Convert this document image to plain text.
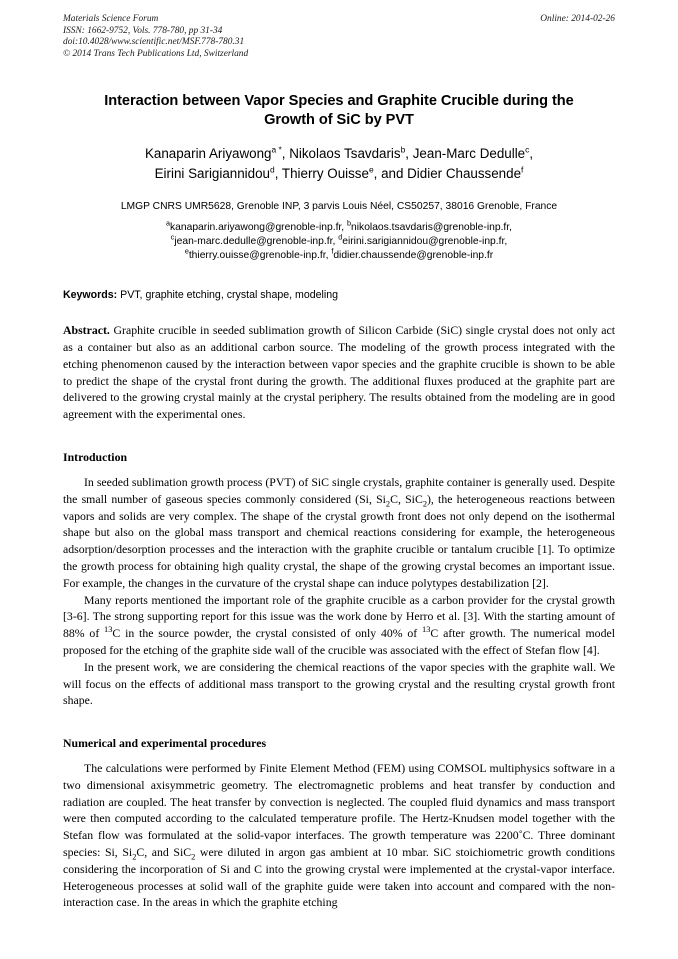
Online: 2014-02-26
Materials Science Forum
ISSN: 1662-9752, Vols. 778-780, pp 31-34
doi:10.4028/www.scientific.net/MSF.778-780.31
© 2014 Trans Tech Publications Ltd, Switzerland
Interaction between Vapor Species and Graphite Crucible during the
Growth of SiC by PVT
Kanaparin Ariyawong$^a$ *, Nikolaos Tsavdaris$^b$, Jean-Marc Dedulle$^c$,
Eirini Sarigiannidou$^d$, Thierry Ouisse$^e$, and Didier Chaussende$^f$
LMGP CNRS UMR5628, Grenoble INP, 3 parvis Louis Néel, CS50257, 38016 Grenoble, France
$^a$kanaparin.ariyawong@grenoble-inp.fr, $^b$nikolaos.tsavdaris@grenoble-inp.fr,
$^c$jean-marc.dedulle@grenoble-inp.fr, $^d$eirini.sarigiannidou@grenoble-inp.fr,
$^e$thierry.ouisse@grenoble-inp.fr, $^f$didier.chaussende@grenoble-inp.fr
Keywords: PVT, graphite etching, crystal shape, modeling

Abstract. Graphite crucible in seeded sublimation growth of Silicon Carbide (SiC) single crystal does not only act as a container but also as an additional carbon source. The modeling of the growth process integrated with the etching phenomenon caused by the interaction between vapor species and the graphite crucible is shown to be able to predict the shape of the crystal front during the growth. The additional fluxes produced at the graphite part are delivered to the growing crystal mainly at the crystal periphery. The results obtained from the modeling are in good agreement with the experimental ones.

Introduction

In seeded sublimation growth process (PVT) of SiC single crystals, graphite container is generally used. Despite the small number of gaseous species commonly considered (Si, $Si_2C$, SiC$_2$), the heterogeneous reactions between vapors and solids are very complex. The shape of the crystal growth front does not only depend on the isothermal shape but also on the global mass transport and chemical reactions considering for example, the heterogeneous adsorption/desorption processes and the interaction with the graphite crucible or tantalum crucible [1]. To optimize the growth process for obtaining high quality crystal, the shape of the growing crystal becomes an important issue. For example, the changes in the curvature of the crystal shape can induce polytypes destabilization [2].

Many reports mentioned the important role of the graphite crucible as a carbon provider for the crystal growth [3-6]. The strong supporting report for this issue was the work done by Herro et al. [3]. With the starting amount of 88% of $^{13}$C in the source powder, the crystal consisted of only 40% of $^{13}$C after growth. The numerical model proposed for the etching of the graphite side wall of the crucible was associated with the effect of Stefan flow [4].

In the present work, we are considering the chemical reactions of the vapor species with the graphite wall. We will focus on the effects of additional mass transport to the growing crystal and the resulting crystal growth front shape.

Numerical and experimental procedures

The calculations were performed by Finite Element Method (FEM) using COMSOL multiphysics software in a two dimensional axisymmetric geometry. The electromagnetic problems and heat transfer by conduction and radiation are coupled. The heat transfer by convection is neglected. The coupled fluid dynamics and mass transport were then computed according to the calculated temperature profile. The Hertz-Knudsen model together with the Stefan flow was formulated at the solid-vapor interfaces. The growth temperature was 2200˚C. Three dominant species: Si, $Si_2C$, and SiC$_2$ were diluted in argon gas ambient at 10 mbar. SiC stoichiometric growth conditions considering the incorporation of Si and C into the growing crystal were implemented at the crystal-vapor interface. Heterogeneous processes at solid wall of the graphite guide were taken into account and compared with the non-interaction case. In the areas in which the graphite etching
